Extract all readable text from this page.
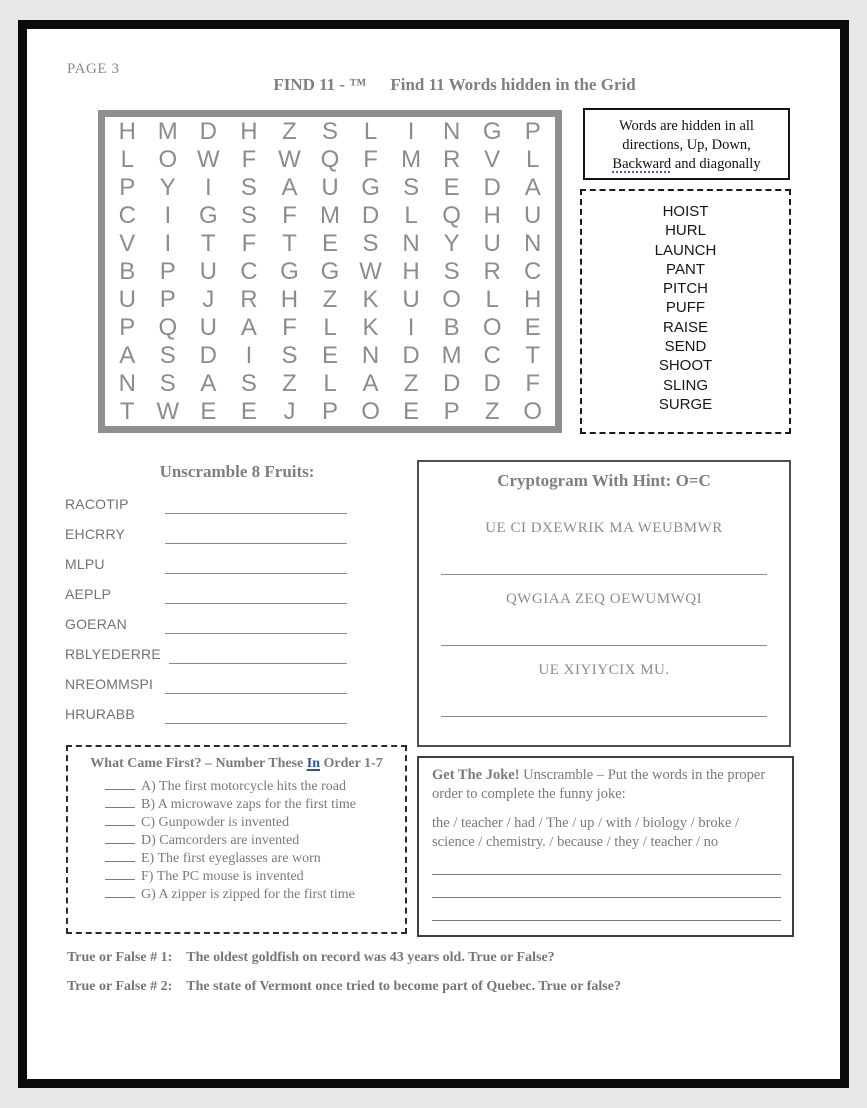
PAGE 3
FIND 11 - ™ Find 11 Words hidden in the Grid
H M D H	Z	S	L	I	N G P
L	O W F W Q F M R V	L
P	Y	I	S	A U G S	E D A
C	I	G S	F M D	L	Q H U
V	I	T	F	T	E	S N Y U N
B	P U C G G W H S R C
U P	J	R H	Z	K U O	L	H
P Q U A	F	L	K	I	B O E
A	S D	I	S	E N D M C	T
N S	A	S	Z	L	A	Z	D D	F
T W E	E	J	P O E	P	Z O
Words are hidden in all directions, Up, Down, Backward and diagonally
HOIST
HURL
LAUNCH
PANT
PITCH
PUFF
RAISE
SEND
SHOOT
SLING
SURGE
Unscramble 8 Fruits:
RACOTIP
EHCRRY
MLPU
AEPLP
GOERAN
RBLYEDERRE
NREOMMSPI
HRURABB
Cryptogram With Hint: O=C
UE CI DXEWRIK MA WEUBMWR
QWGIAA ZEQ OEWUMWQI
UE XIYIYCIX MU.
What Came First? – Number These In Order 1-7
A) The first motorcycle hits the road
B) A microwave zaps for the first time
C) Gunpowder is invented
D) Camcorders are invented
E) The first eyeglasses are worn
F) The PC mouse is invented
G) A zipper is zipped for the first time

Get The Joke! Unscramble – Put the words in the proper order to complete the funny joke:

the / teacher / had / The / up / with / biology / broke / science / chemistry. / because / they / teacher / no

True or False # 1: The oldest goldfish on record was 43 years old. True or False?
True or False # 2: The state of Vermont once tried to become part of Quebec. True or false?
